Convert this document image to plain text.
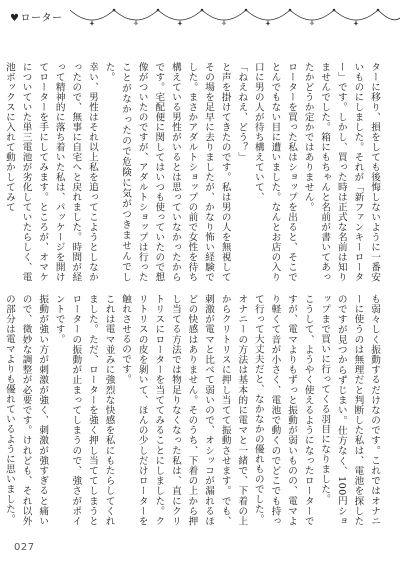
✦	✧	✦	✧	✦	✧	✦
♥ローター
ターに移り、損をしても後悔しないように一番安いものにしました。それが「新ファンキーローター」です。しかし、買った時は正式な名前は知りませんでした。箱にもちゃんと名前が書いてあったかどうか定かではありません。
ローターを買った私はショップを出ると、そこでとんでもない目に遭いました。なんとお店の入り口に男の人が待ち構えていて、
「ねえねえ、どう？」
と声を掛けてきたのです。私は男の人を無視してその場を足早に去りましたが、かなり怖い経験でした。まさかアダルトショップの前で女性を待ち構えている男性がいるとは思っていなかったからです。宅配便に関してはいつも使っていたので想像がついたのですが、アダルトショップは行ったことがなかったので危険に気がつきませんでした。
幸い、男性はそれ以上私を追ってこようとしなかったので、無事に自宅へと戻れました。時間が経って精神的に落ち着いた私は、パッケージを開けてローターを手にしてみます。ところが、オマケについていた単三電池が劣化していたらしく、電池ボックスに入れて動かしてみて
も弱々しく振動するだけなのです。これではオナニーに使うのは無理だと判断した私は、電池を探したのですが見つからずじまい。仕方なく、100円ショップまで買いに行ってくる羽目になりました。
こうして、ようやく使えるようになったローターですが、電マよりもずっと振動が弱いものの、電マより軽くて音が小さく、電池で動くのでどこでも持って行って大丈夫だと、なかなかの優れものでした。
オナニーの方法は基本的に電マと一緒で、下着の上からクリトリスに押し当てて振動させます。でも、刺激が電マと比べて弱いので、オシッコが漏れるほどの快感はありません。そのうち、下着の上から押し当てる方法では物足りなくなった私は、直にクリトリスにローターを当ててみることにしました。クリトリスの皮を剝いて、ほんの少しだけローターを触れさせるのです。
これは電マ並みに強烈な快感を私にもたらしてくれました。ただ、ローターを強く押し当ててしまうとローターの振動が止まってしまうので、強さがポイントです。
振動が強い方が刺激が強く、刺激が強すぎると痛いので、微妙な調整が必要です。けれども、それ以外の部分は電マよりも優れているように思いました。

027
